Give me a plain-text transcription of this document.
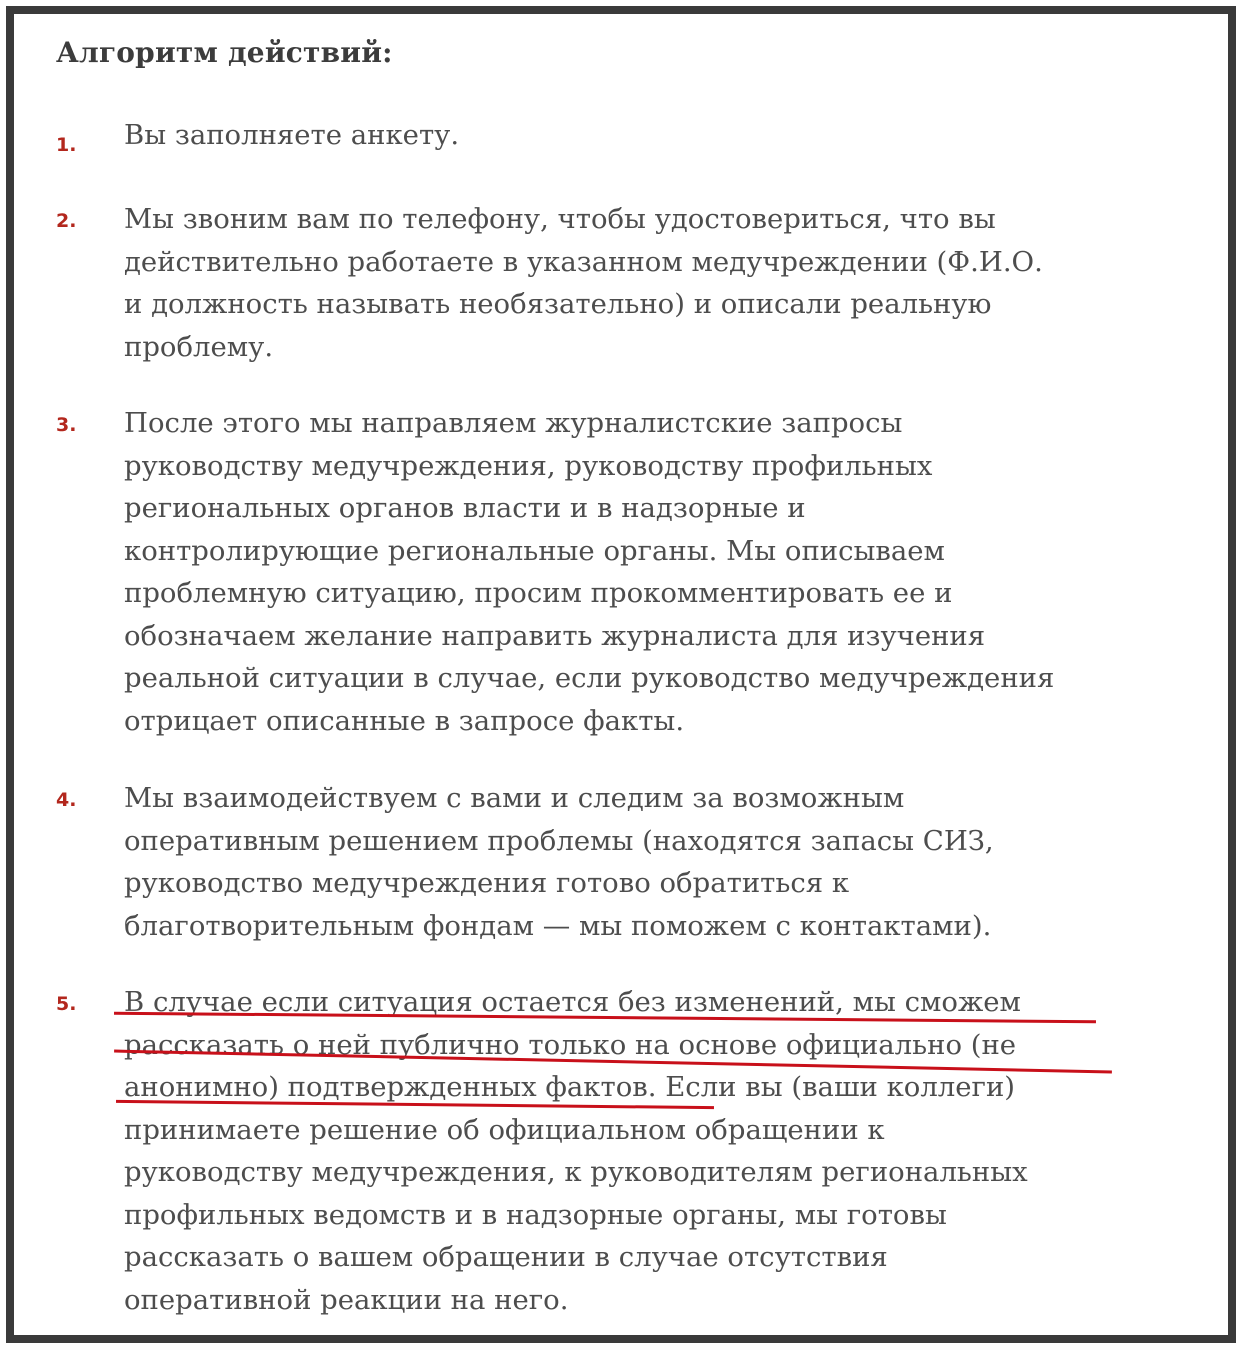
Алгоритм действий:
1. Вы заполняете анкету.
2. Мы звоним вам по телефону, чтобы удостовериться, что вы
действительно работаете в указанном медучреждении (Ф.И.О.
и должность называть необязательно) и описали реальную
проблему.
3. После этого мы направляем журналистские запросы
руководству медучреждения, руководству профильных
региональных органов власти и в надзорные и
контролирующие региональные органы. Мы описываем
проблемную ситуацию, просим прокомментировать ее и
обозначаем желание направить журналиста для изучения
реальной ситуации в случае, если руководство медучреждения
отрицает описанные в запросе факты.
4. Мы взаимодействуем с вами и следим за возможным
оперативным решением проблемы (находятся запасы СИЗ,
руководство медучреждения готово обратиться к
благотворительным фондам — мы поможем с контактами).
5. В случае если ситуация остается без изменений, мы сможем
рассказать о ней публично только на основе официально (не
анонимно) подтвержденных фактов. Если вы (ваши коллеги)
принимаете решение об официальном обращении к
руководству медучреждения, к руководителям региональных
профильных ведомств и в надзорные органы, мы готовы
рассказать о вашем обращении в случае отсутствия
оперативной реакции на него.
